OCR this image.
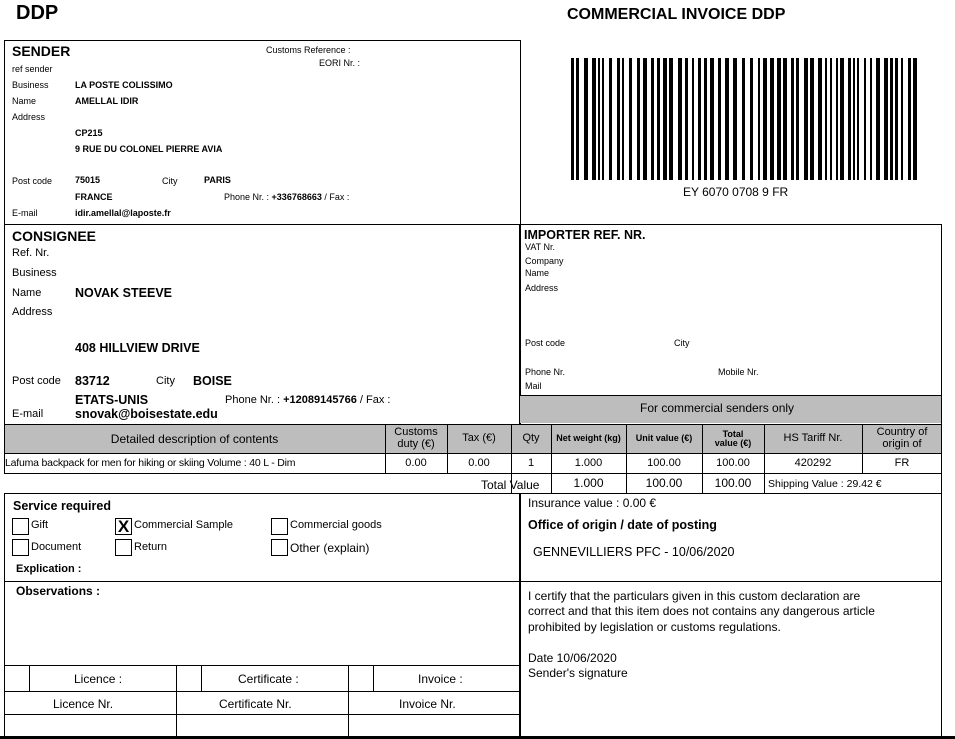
DDP	COMMERCIAL INVOICE DDP
EY 6070 0708 9 FR
For commercial senders only
Detailed description of contents	Customs duty (€)	Tax (€)	Qty	Net weight (kg)	Unit value (€)	Total value (€)	HS Tariff Nr.	Country of origin of
Lafuma backpack for men for hiking or skiing Volume : 40 L - Dim	0.00	0.00	1	1.000	100.00	100.00	420292	FR
Total Value	1.000	100.00	100.00	Shipping Value : 29.42 €
SENDER	Customs Reference :
EORI Nr. :
ref sender
Business	LA POSTE COLISSIMO
Name	AMELLAL IDIR
Address
CP215
9 RUE DU COLONEL PIERRE AVIA
Post code	75015	City	PARIS
FRANCE	Phone Nr. : +336768663 / Fax :
E-mail	idir.amellal@laposte.fr
CONSIGNEE
Ref. Nr.
Business
Name	NOVAK STEEVE
Address
408 HILLVIEW DRIVE
Post code 83712	City BOISE
ETATS-UNIS	Phone Nr. : +12089145766 / Fax :
E-mail	snovak@boisestate.edu
IMPORTER REF. NR.
VAT Nr.
Company
Name
Address
Post code	City
Phone Nr.	Mobile Nr.
Mail
Service required
Gift	X Commercial Sample	Commercial goods
Document	Return	Other (explain)
Explication :
Insurance value : 0.00 €
Office of origin / date of posting
GENNEVILLIERS PFC - 10/06/2020
Observations :	I certify that the particulars given in this custom declaration are
correct and that this item does not contains any dangerous article
prohibited by legislation or customs regulations.
Date 10/06/2020
Sender's signature
Licence :	Certificate :	Invoice :
Licence Nr.	Certificate Nr.	Invoice Nr.
